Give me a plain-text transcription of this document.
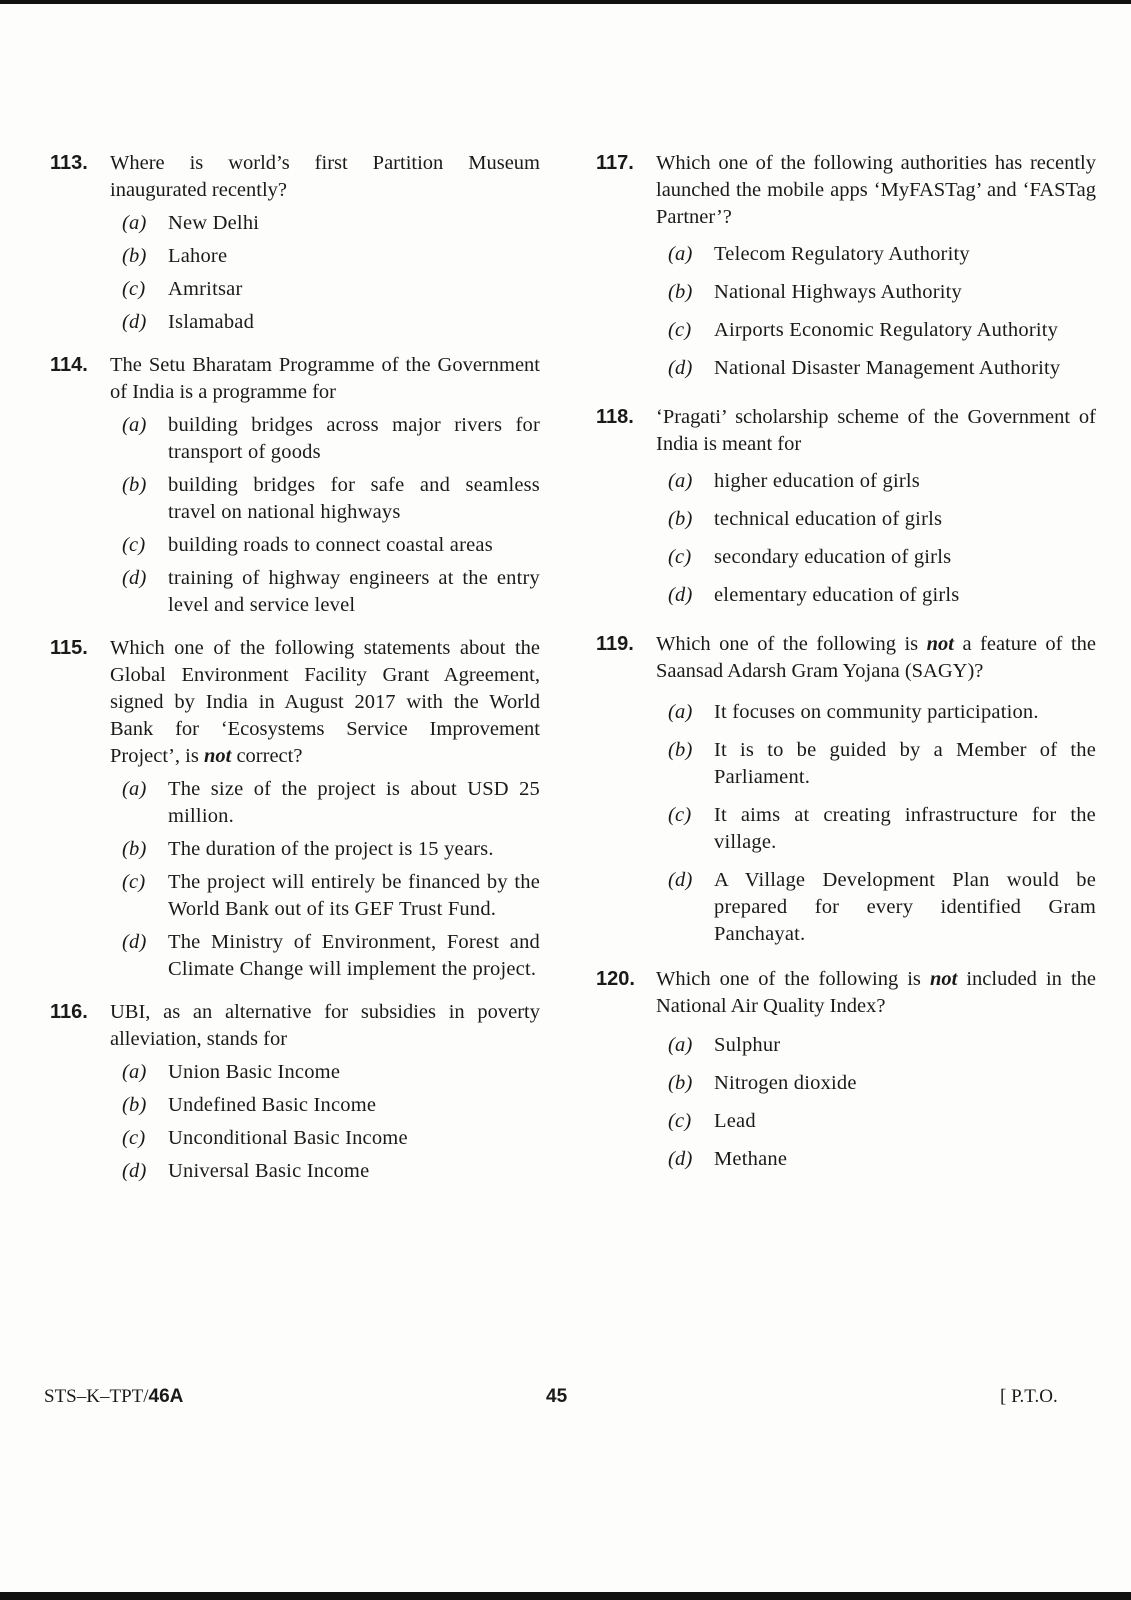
113.	Where is world’s first Partition Museum inaugurated recently?
(a) New Delhi
(b) Lahore
(c) Amritsar
(d) Islamabad
114.	The Setu Bharatam Programme of the Government of India is a programme for
(a) building bridges across major rivers for transport of goods
(b) building bridges for safe and seamless travel on national highways
(c) building roads to connect coastal areas
(d) training of highway engineers at the entry level and service level
115.	Which one of the following statements about the Global Environment Facility Grant Agreement, signed by India in August 2017 with the World Bank for ‘Ecosystems Service Improvement Project’, is not correct?
(a) The size of the project is about USD 25 million.
(b) The duration of the project is 15 years.
(c) The project will entirely be financed by the World Bank out of its GEF Trust Fund.
(d) The Ministry of Environment, Forest and Climate Change will implement the project.
116.	UBI, as an alternative for subsidies in poverty alleviation, stands for
(a) Union Basic Income
(b) Undefined Basic Income
(c) Unconditional Basic Income
(d) Universal Basic Income
117.	Which one of the following authorities has recently launched the mobile apps ‘MyFASTag’ and ‘FASTag Partner’?
(a) Telecom Regulatory Authority
(b) National Highways Authority
(c) Airports Economic Regulatory Authority
(d) National Disaster Management Authority
118.	‘Pragati’ scholarship scheme of the Government of India is meant for
(a) higher education of girls
(b) technical education of girls
(c) secondary education of girls
(d) elementary education of girls
119.	Which one of the following is not a feature of the Saansad Adarsh Gram Yojana (SAGY)?
(a) It focuses on community participation.
(b) It is to be guided by a Member of the Parliament.
(c) It aims at creating infrastructure for the village.
(d) A Village Development Plan would be prepared for every identified Gram Panchayat.
120.	Which one of the following is not included in the National Air Quality Index?
(a) Sulphur
(b) Nitrogen dioxide
(c) Lead
(d) Methane
STS–K–TPT/46A	45	[ P.T.O.
